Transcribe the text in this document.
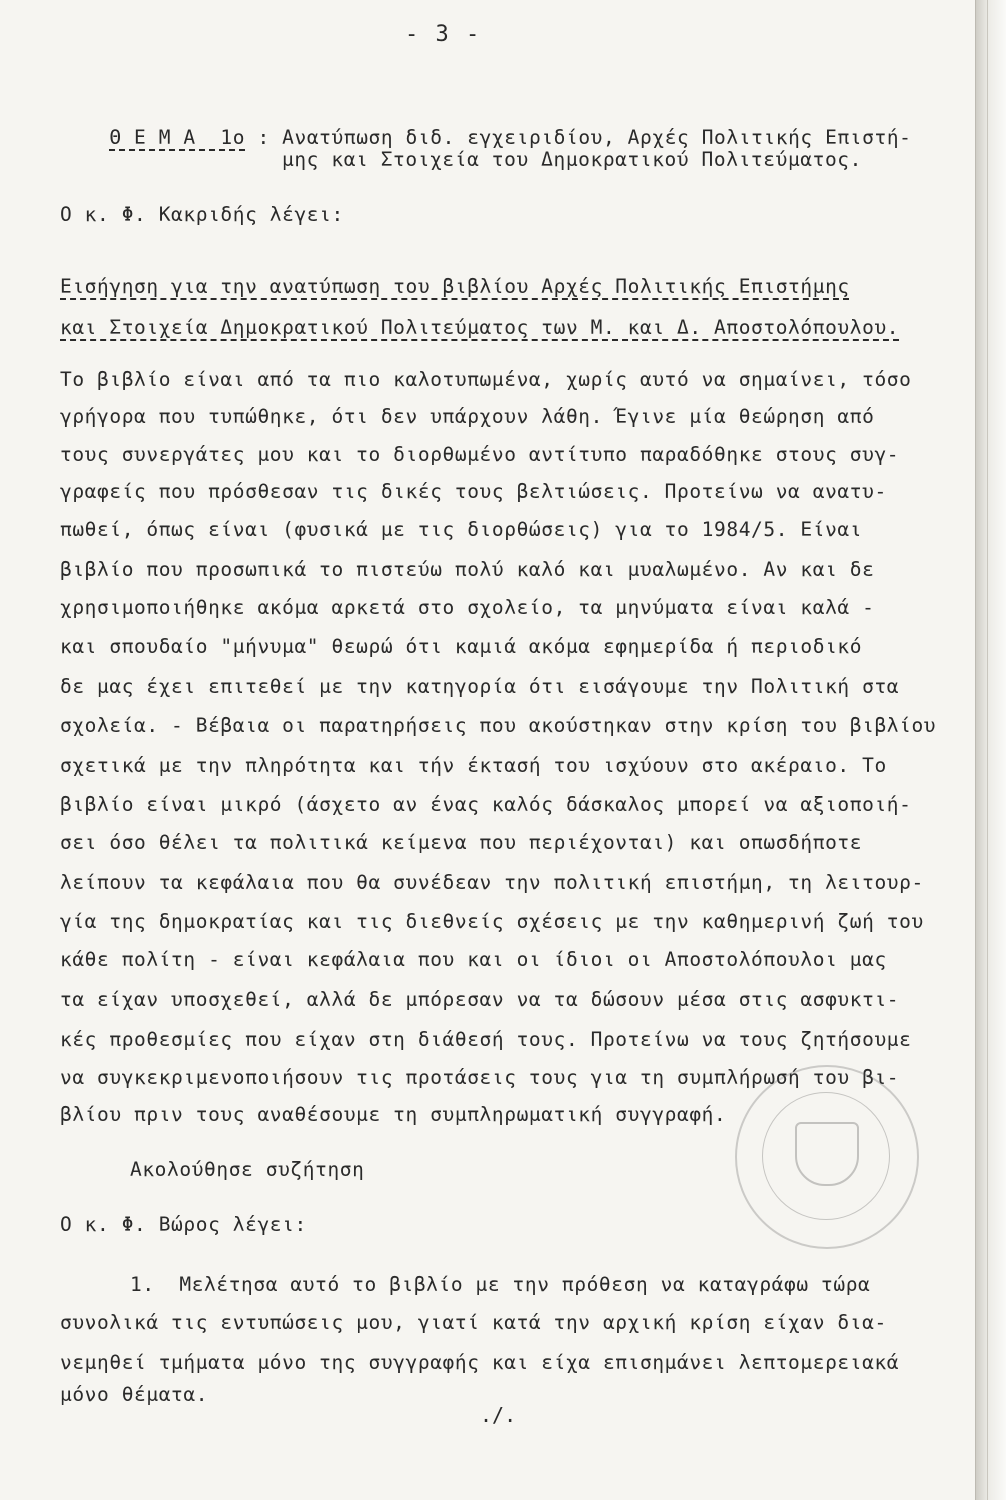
- 3 -

Θ Ε Μ Α  1ο : Ανατύπωση διδ. εγχειριδίου, Αρχές Πολιτικής Επιστή-

μης και Στοιχεία του Δημοκρατικού Πολιτεύματος.
Ο κ. Φ. Κακριδής λέγει:
Εισήγηση για την ανατύπωση του βιβλίου Αρχές Πολιτικής Επιστήμης
και Στοιχεία Δημοκρατικού Πολιτεύματος των Μ. και Δ. Αποστολόπουλου.
Το βιβλίο είναι από τα πιο καλοτυπωμένα, χωρίς αυτό να σημαίνει, τόσο
γρήγορα που τυπώθηκε, ότι δεν υπάρχουν λάθη. Έγινε μία θεώρηση από
τους συνεργάτες μου και το διορθωμένο αντίτυπο παραδόθηκε στους συγ-
γραφείς που πρόσθεσαν τις δικές τους βελτιώσεις. Προτείνω να ανατυ-
πωθεί, όπως είναι (φυσικά με τις διορθώσεις) για το 1984/5. Είναι
βιβλίο που προσωπικά το πιστεύω πολύ καλό και μυαλωμένο. Αν και δε
χρησιμοποιήθηκε ακόμα αρκετά στο σχολείο, τα μηνύματα είναι καλά -
και σπουδαίο "μήνυμα" θεωρώ ότι καμιά ακόμα εφημερίδα ή περιοδικό
δε μας έχει επιτεθεί με την κατηγορία ότι εισάγουμε την Πολιτική στα
σχολεία. - Βέβαια οι παρατηρήσεις που ακούστηκαν στην κρίση του βιβλίου
σχετικά με την πληρότητα και τήν έκτασή του ισχύουν στο ακέραιο. Το
βιβλίο είναι μικρό (άσχετο αν ένας καλός δάσκαλος μπορεί να αξιοποιή-
σει όσο θέλει τα πολιτικά κείμενα που περιέχονται) και οπωσδήποτε
λείπουν τα κεφάλαια που θα συνέδεαν την πολιτική επιστήμη, τη λειτουρ-
γία της δημοκρατίας και τις διεθνείς σχέσεις με την καθημερινή ζωή του
κάθε πολίτη - είναι κεφάλαια που και οι ίδιοι οι Αποστολόπουλοι μας
τα είχαν υποσχεθεί, αλλά δε μπόρεσαν να τα δώσουν μέσα στις ασφυκτι-
κές προθεσμίες που είχαν στη διάθεσή τους. Προτείνω να τους ζητήσουμε
να συγκεκριμενοποιήσουν τις προτάσεις τους για τη συμπλήρωσή του βι-
βλίου πριν τους αναθέσουμε τη συμπληρωματική συγγραφή.
Ακολούθησε συζήτηση
Ο κ. Φ. Βώρος λέγει:
1.  Μελέτησα αυτό το βιβλίο με την πρόθεση να καταγράφω τώρα
συνολικά τις εντυπώσεις μου, γιατί κατά την αρχική κρίση είχαν δια-
νεμηθεί τμήματα μόνο της συγγραφής και είχα επισημάνει λεπτομερειακά
μόνο θέματα.
./.
